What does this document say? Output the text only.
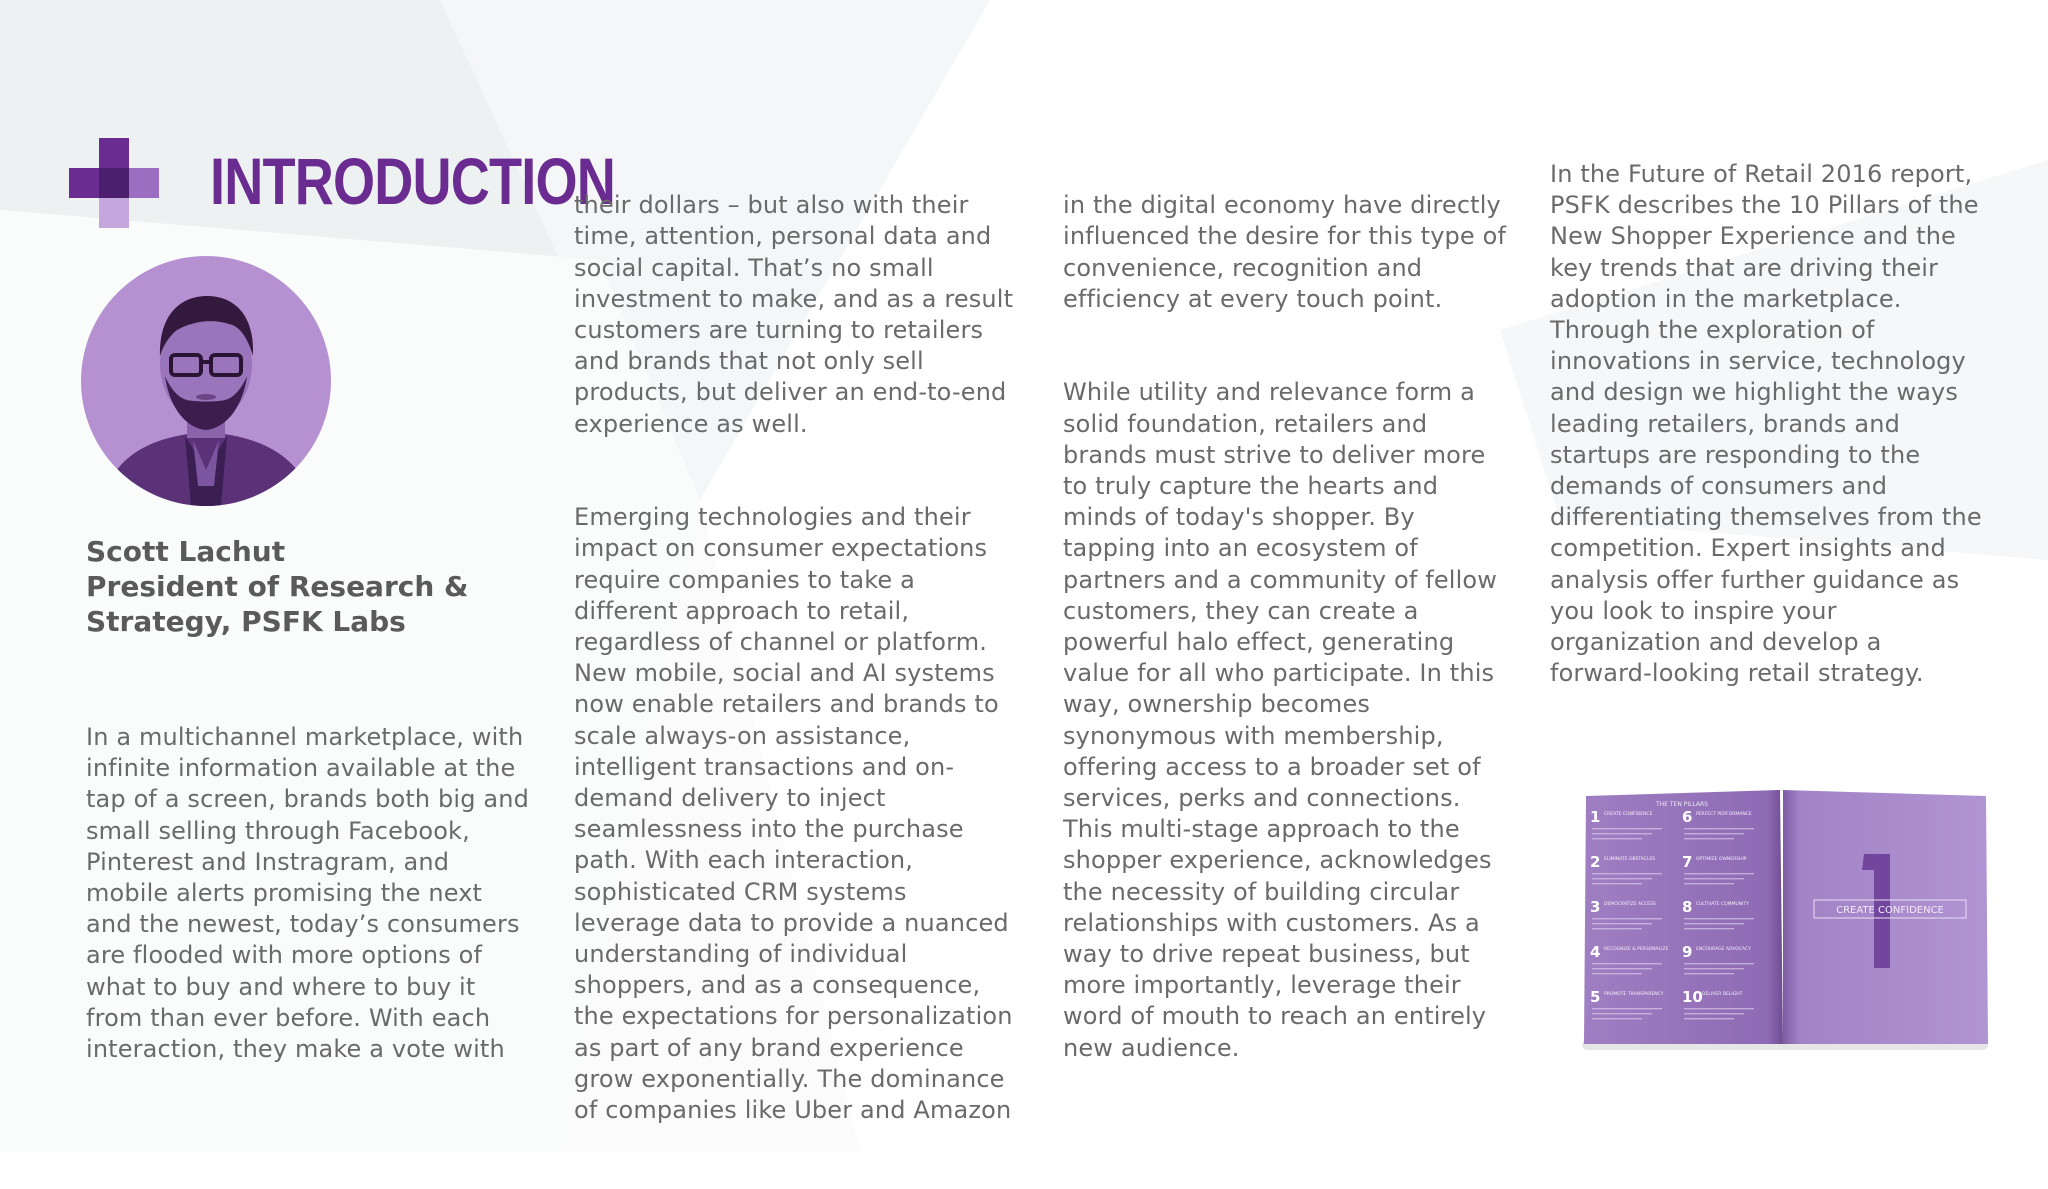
INTRODUCTION
Scott Lachut
President of Research &
Strategy, PSFK Labs
In a multichannel marketplace, with
infinite information available at the
tap of a screen, brands both big and
small selling through Facebook,
Pinterest and Instragram, and
mobile alerts promising the next
and the newest, today’s consumers
are flooded with more options of
what to buy and where to buy it
from than ever before. With each
interaction, they make a vote with

their dollars – but also with their
time, attention, personal data and
social capital. That’s no small
investment to make, and as a result
customers are turning to retailers
and brands that not only sell
products, but deliver an end-to-end
experience as well.

Emerging technologies and their
impact on consumer expectations
require companies to take a
different approach to retail,
regardless of channel or platform.
New mobile, social and AI systems
now enable retailers and brands to
scale always-on assistance,
intelligent transactions and on-
demand delivery to inject
seamlessness into the purchase
path. With each interaction,
sophisticated CRM systems
leverage data to provide a nuanced
understanding of individual
shoppers, and as a consequence,
the expectations for personalization
as part of any brand experience
grow exponentially. The dominance
of companies like Uber and Amazon

in the digital economy have directly
influenced the desire for this type of
convenience, recognition and
efficiency at every touch point.

While utility and relevance form a
solid foundation, retailers and
brands must strive to deliver more
to truly capture the hearts and
minds of today's shopper. By
tapping into an ecosystem of
partners and a community of fellow
customers, they can create a
powerful halo effect, generating
value for all who participate. In this
way, ownership becomes
synonymous with membership,
offering access to a broader set of
services, perks and connections.
This multi-stage approach to the
shopper experience, acknowledges
the necessity of building circular
relationships with customers. As a
way to drive repeat business, but
more importantly, leverage their
word of mouth to reach an entirely
new audience.

In the Future of Retail 2016 report,
PSFK describes the 10 Pillars of the
New Shopper Experience and the
key trends that are driving their
adoption in the marketplace.
Through the exploration of
innovations in service, technology
and design we highlight the ways
leading retailers, brands and
startups are responding to the
demands of consumers and
differentiating themselves from the
competition. Expert insights and
analysis offer further guidance as
you look to inspire your
organization and develop a
forward-looking retail strategy.
THE TEN PILLARS
1 CREATE CONFIDENCE
2 ELIMINATE OBSTACLES
3 DEMOCRATIZE ACCESS
4 RECOGNIZE & PERSONALIZE
5 PROMOTE TRANSPARENCY
6 PERFECT PERFORMANCE
7 OPTIMIZE OWNERSHIP
8 CULTIVATE COMMUNITY
9 ENCOURAGE ADVOCACY
10 DELIVER DELIGHT
CREATE CONFIDENCE
